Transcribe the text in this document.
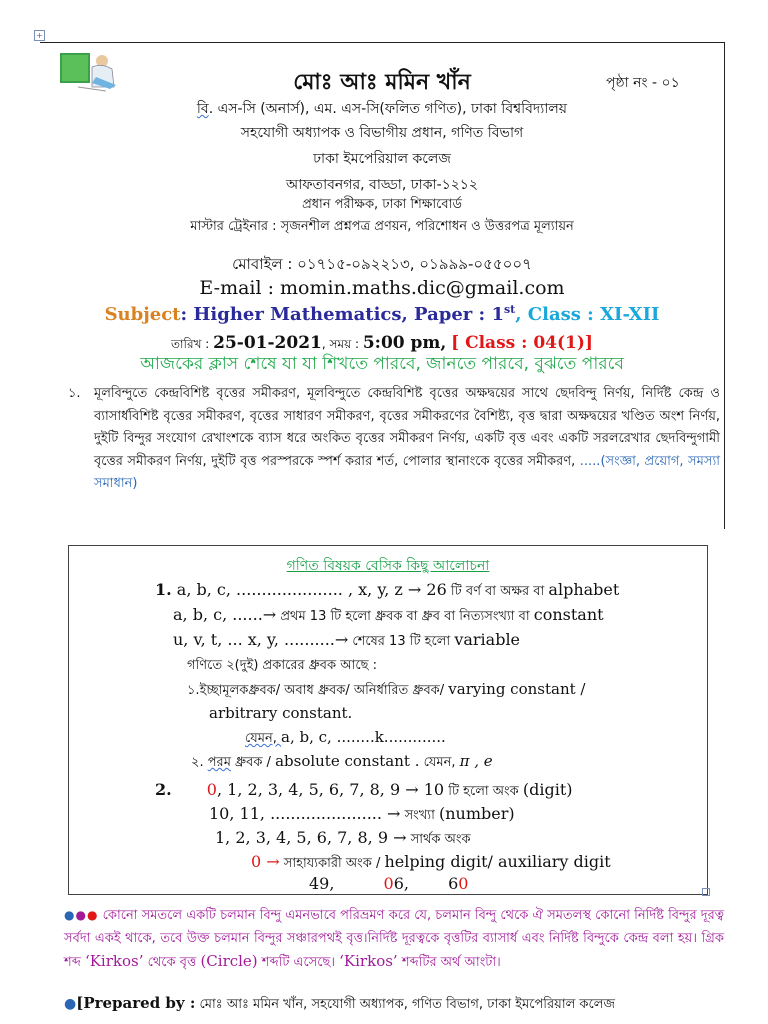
+
মোঃ আঃ মমিন খাঁন	পৃষ্ঠা নং - ০১
বি. এস-সি (অনার্স), এম. এস-সি(ফলিত গণিত), ঢাকা বিশ্ববিদ্যালয়
সহযোগী অধ্যাপক ও বিভাগীয় প্রধান, গণিত বিভাগ
ঢাকা ইমপেরিয়াল কলেজ
আফতাবনগর, বাড্ডা, ঢাকা-১২১২
প্রধান পরীক্ষক, ঢাকা শিক্ষাবোর্ড
মাস্টার ট্রেইনার : সৃজনশীল প্রশ্নপত্র প্রণয়ন, পরিশোধন ও উত্তরপত্র মূল্যায়ন
মোবাইল : ০১৭১৫-০৯২২১৩, ০১৯৯৯-০৫৫০০৭
E-mail : momin.maths.dic@gmail.com
Subject: Higher Mathematics, Paper : 1st, Class : XI-XII
তারিখ : 25-01-2021, সময় : 5:00 pm, [ Class : 04(1)]
আজকের ক্লাস শেষে যা যা শিখতে পারবে, জানতে পারবে, বুঝতে পারবে
১. মূলবিন্দুতে কেন্দ্রবিশিষ্ট বৃত্তের সমীকরণ, মূলবিন্দুতে কেন্দ্রবিশিষ্ট বৃত্তের অক্ষদ্বয়ের সাথে ছেদবিন্দু নির্ণয়, নির্দিষ্ট কেন্দ্র ও ব্যাসার্ধবিশিষ্ট বৃত্তের সমীকরণ, বৃত্তের সাধারণ সমীকরণ, বৃত্তের সমীকরণের বৈশিষ্ট্য, বৃত্ত দ্বারা অক্ষদ্বয়ের খণ্ডিত অংশ নির্ণয়, দুইটি বিন্দুর সংযোগ রেখাংশকে ব্যাস ধরে অংকিত বৃত্তের সমীকরণ নির্ণয়, একটি বৃত্ত এবং একটি সরলরেখার ছেদবিন্দুগামী বৃত্তের সমীকরণ নির্ণয়, দুইটি বৃত্ত পরস্পরকে স্পর্শ করার শর্ত, পোলার স্থানাংকে বৃত্তের সমীকরণ, .....(সংজ্ঞা, প্রয়োগ, সমস্যা সমাধান)
গণিত বিষয়ক বেসিক কিছু আলোচনা
1. a, b, c, ..................... , x, y, z → 26 টি বর্ণ বা অক্ষর বা alphabet
a, b, c, ......→ প্রথম 13 টি হলো ধ্রুবক বা ধ্রুব বা নিত্যসংখ্যা বা constant
u, v, t, ... x, y, ..........→ শেষের 13 টি হলো variable
গণিতে ২(দুই) প্রকারের ধ্রুবক আছে :
১.ইচ্ছামূলকধ্রুবক/ অবাধ ধ্রুবক/ অনির্ধারিত ধ্রুবক/ varying constant /
arbitrary constant.
যেমন, a, b, c, ........k.............
২. পরম ধ্রুবক / absolute constant . যেমন, π , e
2. 0, 1, 2, 3, 4, 5, 6, 7, 8, 9 → 10 টি হলো অংক (digit)
10, 11, ...................... → সংখ্যা (number)
1, 2, 3, 4, 5, 6, 7, 8, 9 → সার্থক অংক
0 → সাহায্যকারী অংক / helping digit/ auxiliary digit
49,	06, 60
●●● কোনো সমতলে একটি চলমান বিন্দু এমনভাবে পরিভ্রমণ করে যে, চলমান বিন্দু থেকে ঐ সমতলস্থ কোনো নির্দিষ্ট বিন্দুর দূরত্ব সর্বদা একই থাকে, তবে উক্ত চলমান বিন্দুর সঞ্চারপথই বৃত্ত।নির্দিষ্ট দূরত্বকে বৃত্তটির ব্যাসার্ধ এবং নির্দিষ্ট বিন্দুকে কেন্দ্র বলা হয়। গ্রিক শব্দ ‘Kirkos’ থেকে বৃত্ত (Circle) শব্দটি এসেছে। ‘Kirkos’ শব্দটির অর্থ আংটা।
●[Prepared by : মোঃ আঃ মমিন খাঁন, সহযোগী অধ্যাপক, গণিত বিভাগ, ঢাকা ইমপেরিয়াল কলেজ
